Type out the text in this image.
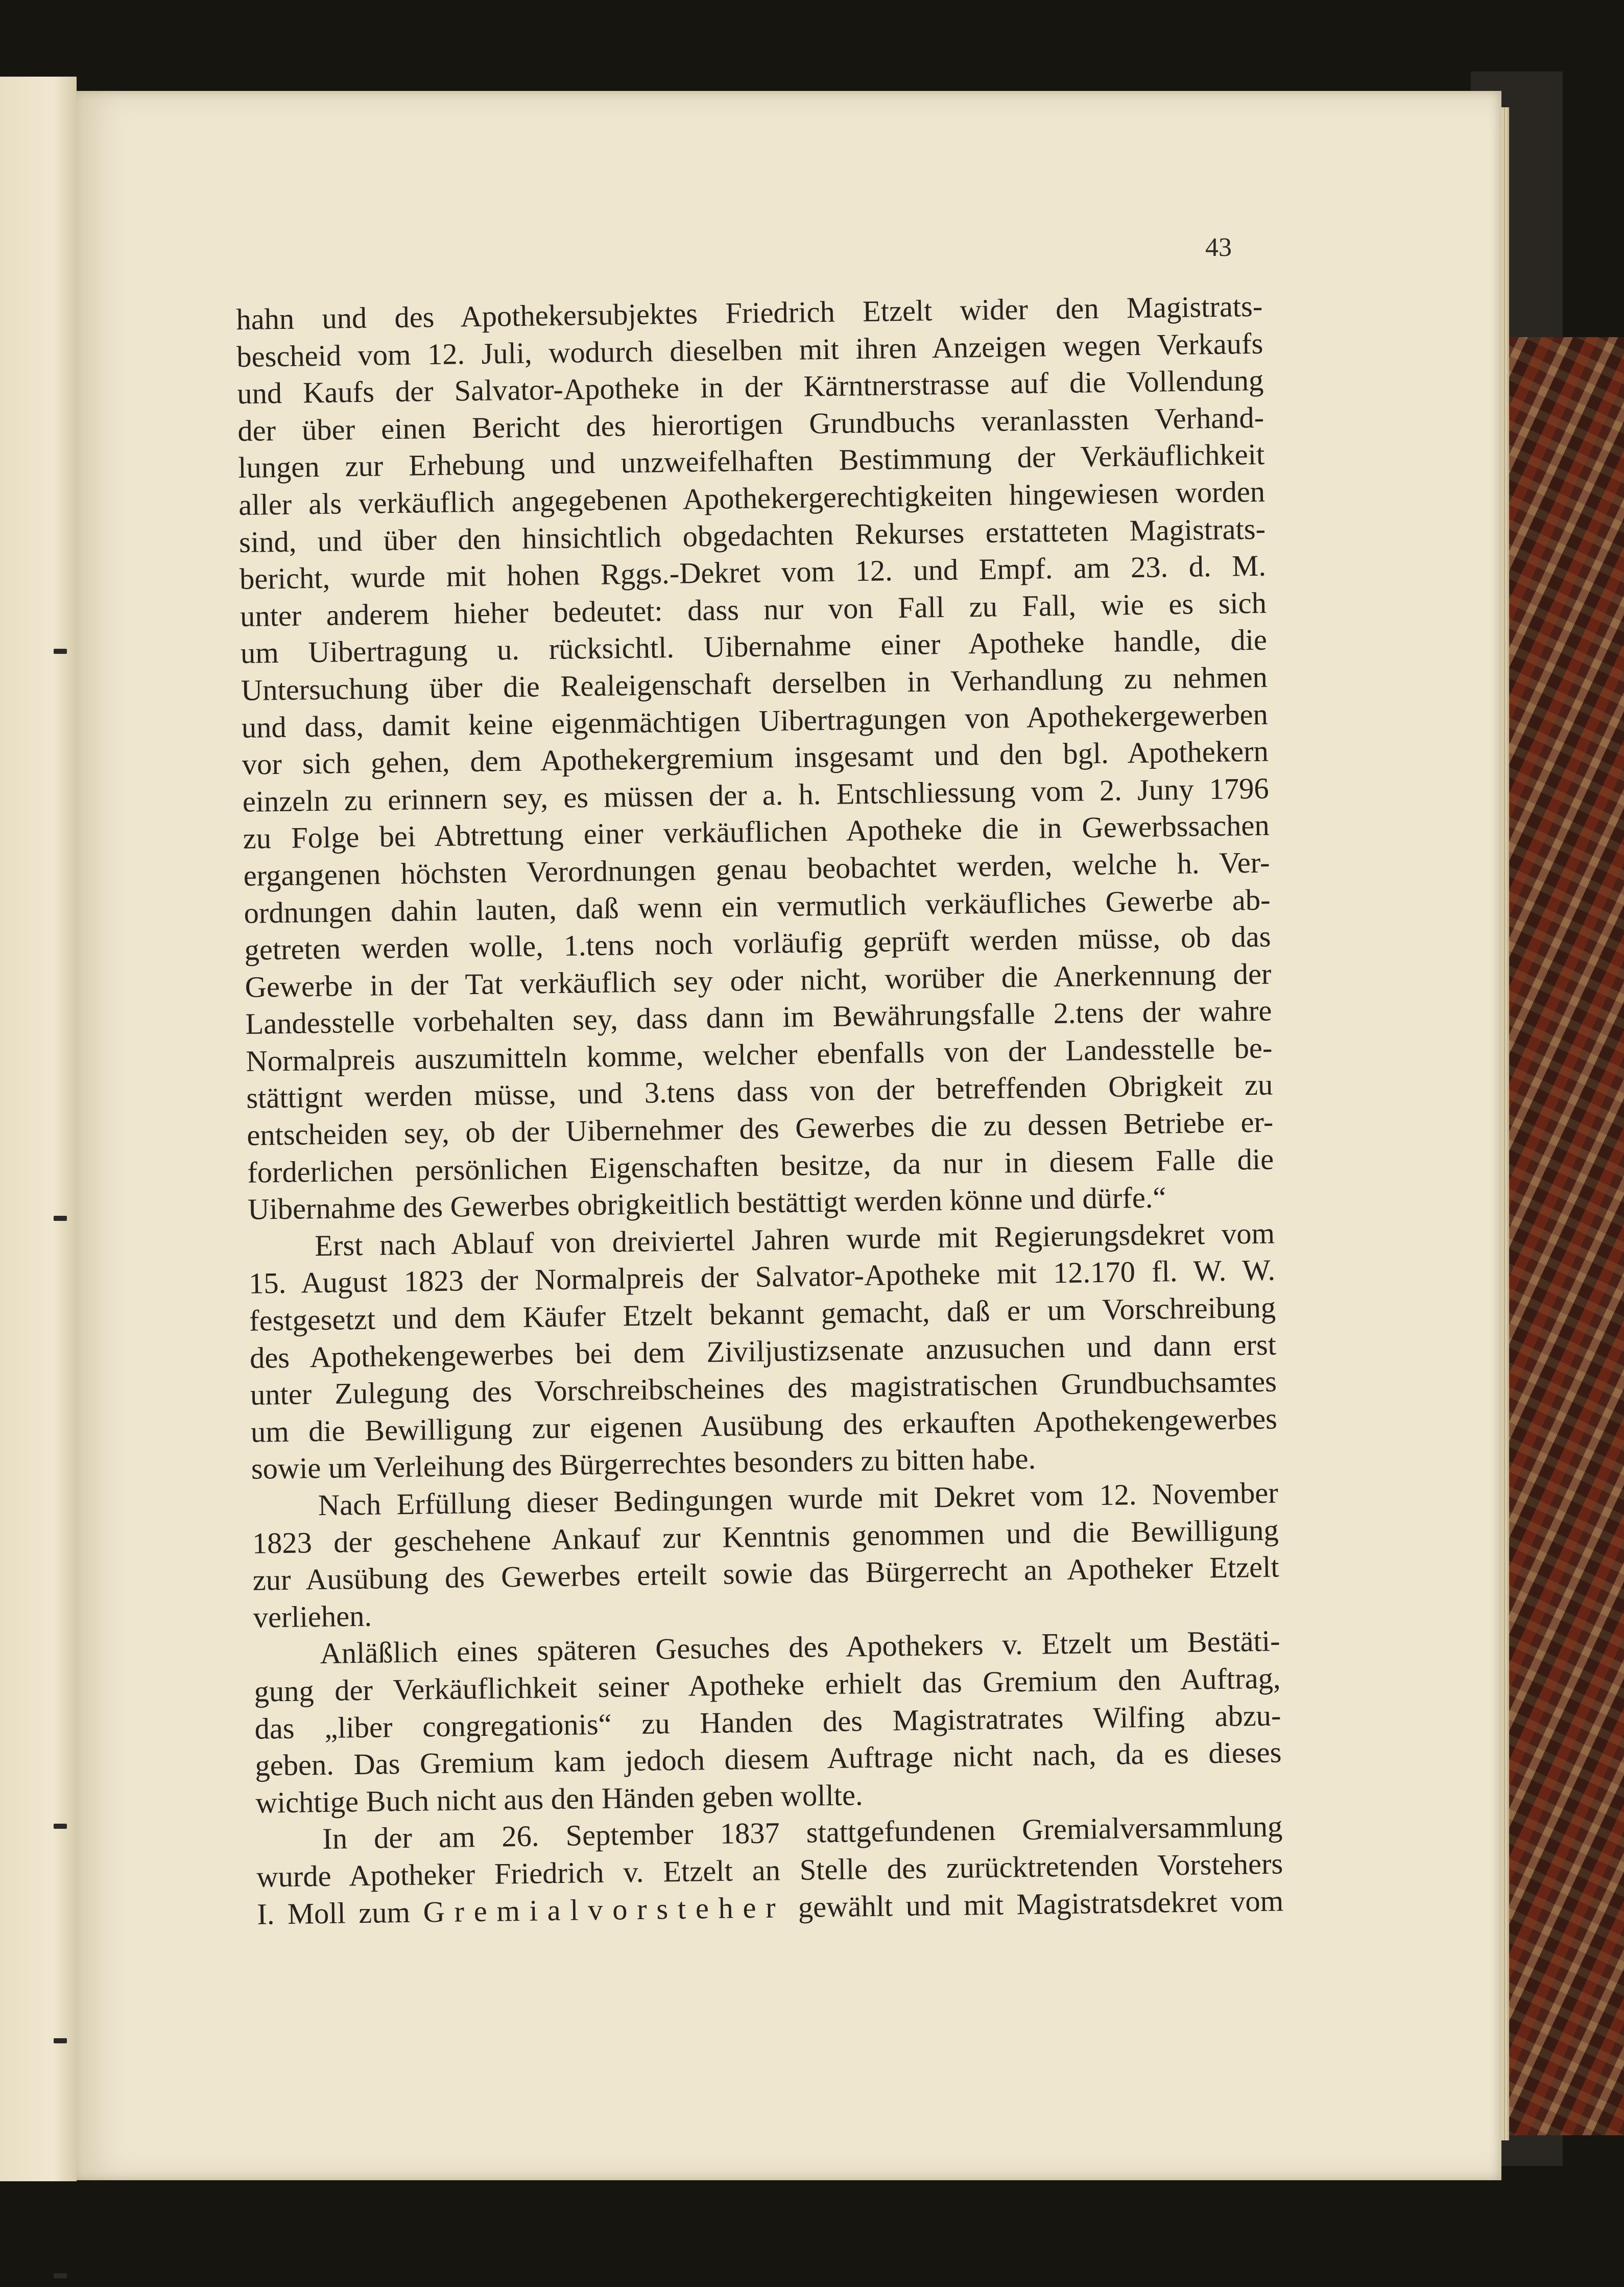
43
hahn und des Apothekersubjektes Friedrich Etzelt wider den Magistrats-
bescheid vom 12. Juli, wodurch dieselben mit ihren Anzeigen wegen Verkaufs
und Kaufs der Salvator-Apotheke in der Kärntnerstrasse auf die Vollendung
der über einen Bericht des hierortigen Grundbuchs veranlassten Verhand-
lungen zur Erhebung und unzweifelhaften Bestimmung der Verkäuflichkeit
aller als verkäuflich angegebenen Apothekergerechtigkeiten hingewiesen worden
sind, und über den hinsichtlich obgedachten Rekurses erstatteten Magistrats-
bericht, wurde mit hohen Rggs.-Dekret vom 12. und Empf. am 23. d. M.
unter anderem hieher bedeutet: dass nur von Fall zu Fall, wie es sich
um Uibertragung u. rücksichtl. Uibernahme einer Apotheke handle, die
Untersuchung über die Realeigenschaft derselben in Verhandlung zu nehmen
und dass, damit keine eigenmächtigen Uibertragungen von Apothekergewerben
vor sich gehen, dem Apothekergremium insgesamt und den bgl. Apothekern
einzeln zu erinnern sey, es müssen der a. h. Entschliessung vom 2. Juny 1796
zu Folge bei Abtrettung einer verkäuflichen Apotheke die in Gewerbssachen
ergangenen höchsten Verordnungen genau beobachtet werden, welche h. Ver-
ordnungen dahin lauten, daß wenn ein vermutlich verkäufliches Gewerbe ab-
getreten werden wolle, 1.tens noch vorläufig geprüft werden müsse, ob das
Gewerbe in der Tat verkäuflich sey oder nicht, worüber die Anerkennung der
Landesstelle vorbehalten sey, dass dann im Bewährungsfalle 2.tens der wahre
Normalpreis auszumitteln komme, welcher ebenfalls von der Landesstelle be-
stättignt werden müsse, und 3.tens dass von der betreffenden Obrigkeit zu
entscheiden sey, ob der Uibernehmer des Gewerbes die zu dessen Betriebe er-
forderlichen persönlichen Eigenschaften besitze, da nur in diesem Falle die
Uibernahme des Gewerbes obrigkeitlich bestättigt werden könne und dürfe.“
Erst nach Ablauf von dreiviertel Jahren wurde mit Regierungsdekret vom
15. August 1823 der Normalpreis der Salvator-Apotheke mit 12.170 fl. W. W.
festgesetzt und dem Käufer Etzelt bekannt gemacht, daß er um Vorschreibung
des Apothekengewerbes bei dem Ziviljustizsenate anzusuchen und dann erst
unter Zulegung des Vorschreibscheines des magistratischen Grundbuchsamtes
um die Bewilligung zur eigenen Ausübung des erkauften Apothekengewerbes
sowie um Verleihung des Bürgerrechtes besonders zu bitten habe.
Nach Erfüllung dieser Bedingungen wurde mit Dekret vom 12. November
1823 der geschehene Ankauf zur Kenntnis genommen und die Bewilligung
zur Ausübung des Gewerbes erteilt sowie das Bürgerrecht an Apotheker Etzelt
verliehen.
Anläßlich eines späteren Gesuches des Apothekers v. Etzelt um Bestäti-
gung der Verkäuflichkeit seiner Apotheke erhielt das Gremium den Auftrag,
das „liber congregationis“ zu Handen des Magistratrates Wilfing abzu-
geben. Das Gremium kam jedoch diesem Auftrage nicht nach, da es dieses
wichtige Buch nicht aus den Händen geben wollte.
In der am 26. September 1837 stattgefundenen Gremialversammlung
wurde Apotheker Friedrich v. Etzelt an Stelle des zurücktretenden Vorstehers
I. Moll zum Gremialvorsteher gewählt und mit Magistratsdekret vom
